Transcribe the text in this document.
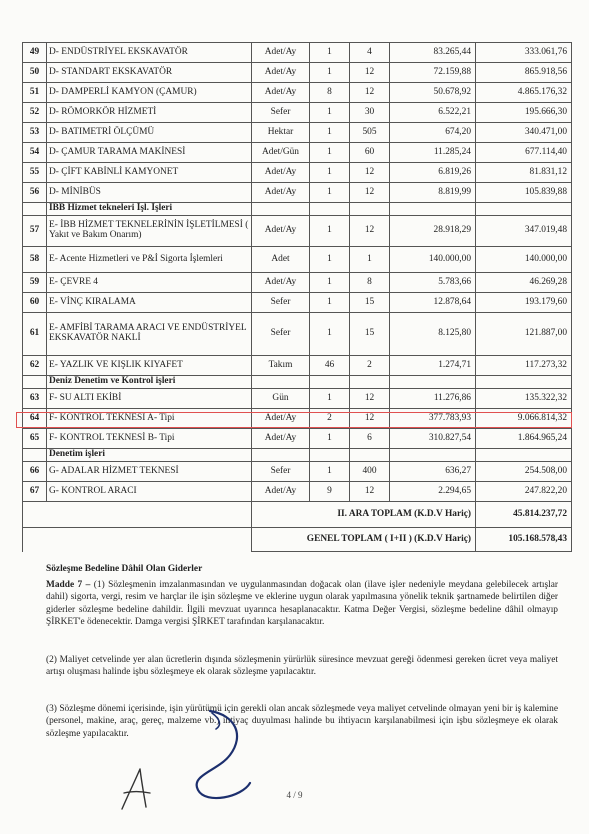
49	D- ENDÜSTRİYEL EKSKAVATÖR	Adet/Ay	1	4	83.265,44	333.061,76
50	D- STANDART EKSKAVATÖR	Adet/Ay	1	12	72.159,88	865.918,56
51	D- DAMPERLİ KAMYON (ÇAMUR)	Adet/Ay	8	12	50.678,92	4.865.176,32
52	D- RÖMORKÖR HİZMETİ	Sefer	1	30	6.522,21	195.666,30
53	D- BATIMETRİ ÖLÇÜMÜ	Hektar	1	505	674,20	340.471,00
54	D- ÇAMUR TARAMA MAKİNESİ	Adet/Gün	1	60	11.285,24	677.114,40
55	D- ÇİFT KABİNLİ KAMYONET	Adet/Ay	1	12	6.819,26	81.831,12
56	D- MİNİBÜS	Adet/Ay	1	12	8.819,99	105.839,88
	İBB Hizmet tekneleri İşl. İşleri					
57	E- İBB HİZMET TEKNELERİNİN İŞLETİLMESİ ( Yakıt ve Bakım Onarım)	Adet/Ay	1	12	28.918,29	347.019,48
58	E- Acente Hizmetleri ve P&İ Sigorta İşlemleri	Adet	1	1	140.000,00	140.000,00
59	E- ÇEVRE 4	Adet/Ay	1	8	5.783,66	46.269,28
60	E- VİNÇ KIRALAMA	Sefer	1	15	12.878,64	193.179,60
61	E- AMFİBİ TARAMA ARACI VE ENDÜSTRİYEL EKSKAVATÖR NAKLİ	Sefer	1	15	8.125,80	121.887,00
62	E- YAZLIK VE KIŞLIK KIYAFET	Takım	46	2	1.274,71	117.273,32
	Deniz Denetim ve Kontrol işleri					
63	F- SU ALTI EKİBİ	Gün	1	12	11.276,86	135.322,32
64	F- KONTROL TEKNESİ A- Tipi	Adet/Ay	2	12	377.783,93	9.066.814,32
65	F- KONTROL TEKNESİ B- Tipi	Adet/Ay	1	6	310.827,54	1.864.965,24
	Denetim işleri					
66	G- ADALAR HİZMET TEKNESİ	Sefer	1	400	636,27	254.508,00
67	G- KONTROL ARACI	Adet/Ay	9	12	2.294,65	247.822,20
		II. ARA TOPLAM (K.D.V Hariç)				45.814.237,72
		GENEL TOPLAM ( I+II ) (K.D.V Hariç)				105.168.578,43
Sözleşme Bedeline Dâhil Olan Giderler
Madde 7 – (1) Sözleşmenin imzalanmasından ve uygulanmasından doğacak olan (ilave işler nedeniyle meydana gelebilecek artışlar dahil) sigorta, vergi, resim ve harçlar ile işin sözleşme ve eklerine uygun olarak yapılmasına yönelik teknik şartnamede belirtilen diğer giderler sözleşme bedeline dahildir. İlgili mevzuat uyarınca hesaplanacaktır. Katma Değer Vergisi, sözleşme bedeline dâhil olmayıp ŞİRKET'e ödenecektir. Damga vergisi ŞİRKET tarafından karşılanacaktır.
(2) Maliyet cetvelinde yer alan ücretlerin dışında sözleşmenin yürürlük süresince mevzuat gereği ödenmesi gereken ücret veya maliyet artışı oluşması halinde işbu sözleşmeye ek olarak sözleşme yapılacaktır.
(3) Sözleşme dönemi içerisinde, işin yürütümü için gerekli olan ancak sözleşmede veya maliyet cetvelinde olmayan yeni bir iş kalemine (personel, makine, araç, gereç, malzeme vb.) ihtiyaç duyulması halinde bu ihtiyacın karşılanabilmesi için işbu sözleşmeye ek olarak sözleşme yapılacaktır.
4 / 9
